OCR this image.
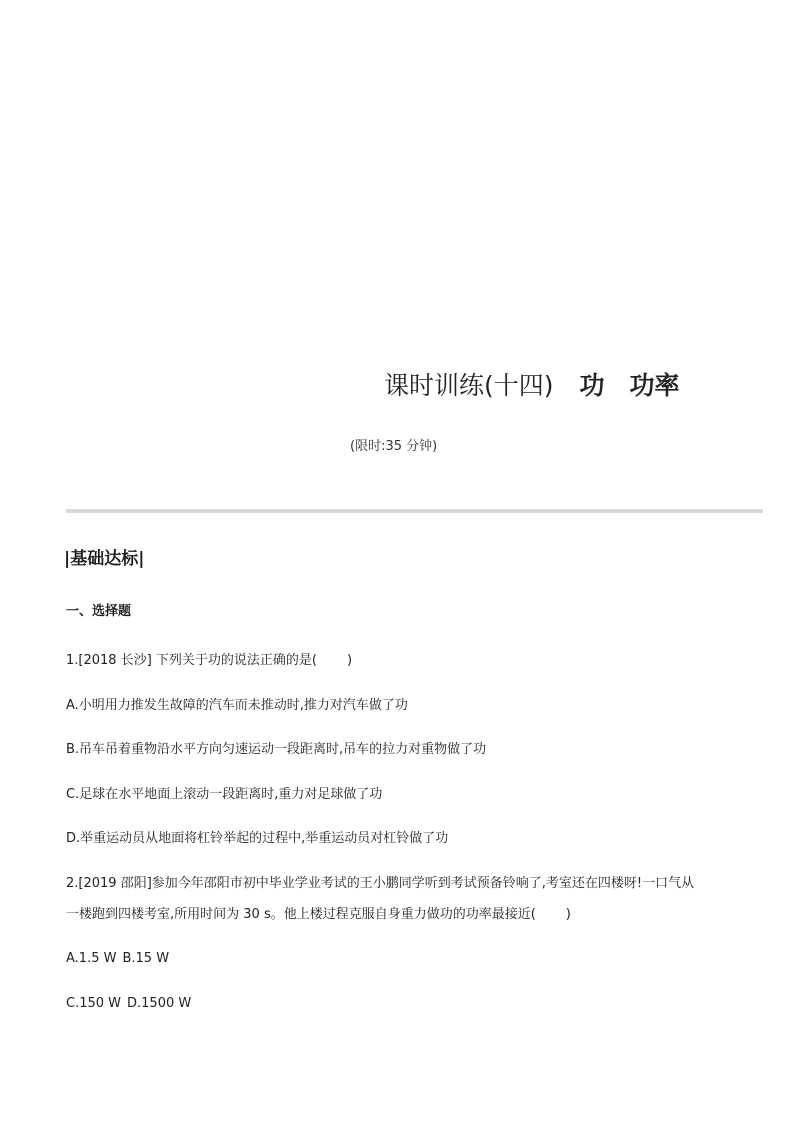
课时训练(十四) 功　功率
(限时:35 分钟)
|基础达标|
一、选择题
1.[2018 长沙] 下列关于功的说法正确的是( )
A.小明用力推发生故障的汽车而未推动时,推力对汽车做了功
B.吊车吊着重物沿水平方向匀速运动一段距离时,吊车的拉力对重物做了功
C.足球在水平地面上滚动一段距离时,重力对足球做了功
D.举重运动员从地面将杠铃举起的过程中,举重运动员对杠铃做了功
2.[2019 邵阳]参加今年邵阳市初中毕业学业考试的王小鹏同学听到考试预备铃响了,考室还在四楼呀!一口气从
一楼跑到四楼考室,所用时间为 30 s。他上楼过程克服自身重力做功的功率最接近( )
A.1.5 W B.15 W
C.150 W D.1500 W
